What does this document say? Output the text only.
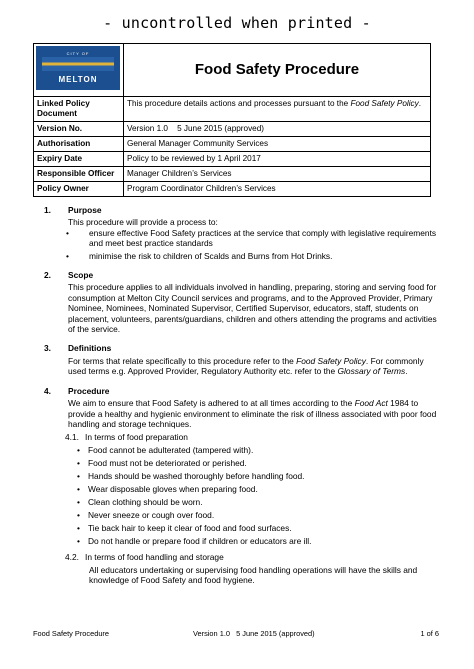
- uncontrolled when printed -
CITY OF
MELTON	Food Safety Procedure
Linked Policy Document	This procedure details actions and processes pursuant to the Food Safety Policy.
Version No.	Version 1.0    5 June 2015 (approved)
Authorisation	General Manager Community Services
Expiry Date	Policy to be reviewed by 1 April 2017
Responsible Officer	Manager Children’s Services
Policy Owner	Program Coordinator Children’s Services
1. Purpose

This procedure will provide a process to:

• ensure effective Food Safety practices at the service that comply with legislative requirements and meet best practice standards
• minimise the risk to children of Scalds and Burns from Hot Drinks.
2. Scope

This procedure applies to all individuals involved in handling, preparing, storing and serving food for consumption at Melton City Council services and programs, and to the Approved Provider, Primary Nominee, Nominees, Nominated Supervisor, Certified Supervisor, educators, staff, students on placement, volunteers, parents/guardians, children and others attending the programs and activities of the service.

3. Definitions

For terms that relate specifically to this procedure refer to the Food Safety Policy. For commonly used terms e.g. Approved Provider, Regulatory Authority etc. refer to the Glossary of Terms.

4. Procedure

We aim to ensure that Food Safety is adhered to at all times according to the Food Act 1984 to provide a healthy and hygienic environment to eliminate the risk of illness associated with poor food handling and storage techniques.

4.1. In terms of food preparation
• Food cannot be adulterated (tampered with).
• Food must not be deteriorated or perished.
• Hands should be washed thoroughly before handling food.
• Wear disposable gloves when preparing food.
• Clean clothing should be worn.
• Never sneeze or cough over food.
• Tie back hair to keep it clear of food and food surfaces.
• Do not handle or prepare food if children or educators are ill.
4.2. In terms of food handling and storage

All educators undertaking or supervising food handling operations will have the skills and knowledge of Food Safety and food hygiene.

Food Safety Procedure	Version 1.0   5 June 2015 (approved)	1 of 6
